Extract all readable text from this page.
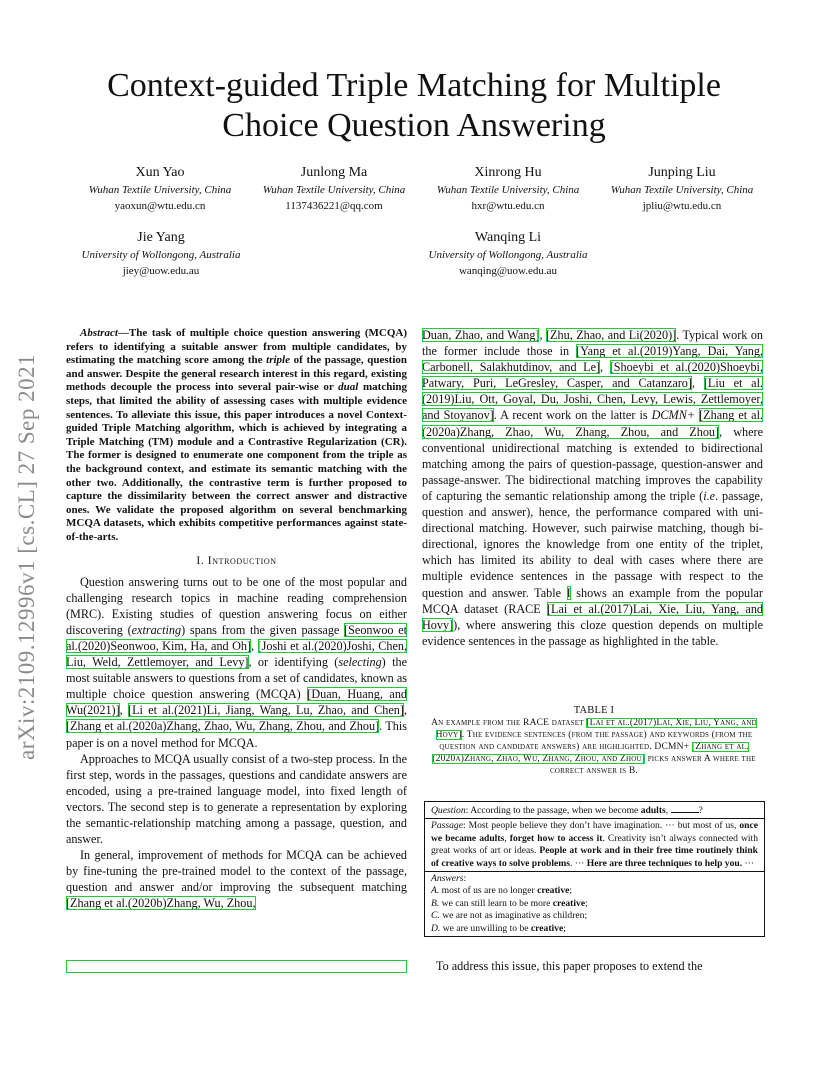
arXiv:2109.12996v1 [cs.CL] 27 Sep 2021
Context-guided Triple Matching for Multiple
Choice Question Answering
Xun Yao
Wuhan Textile University, China
yaoxun@wtu.edu.cn
Junlong Ma
Wuhan Textile University, China
1137436221@qq.com
Xinrong Hu
Wuhan Textile University, China
hxr@wtu.edu.cn
Junping Liu
Wuhan Textile University, China
jpliu@wtu.edu.cn
Jie Yang
University of Wollongong, Australia
jiey@uow.edu.au
Wanqing Li
University of Wollongong, Australia
wanqing@uow.edu.au

Abstract—The task of multiple choice question answering (MCQA) refers to identifying a suitable answer from multiple candidates, by estimating the matching score among the triple of the passage, question and answer. Despite the general research interest in this regard, existing methods decouple the process into several pair-wise or dual matching steps, that limited the ability of assessing cases with multiple evidence sentences. To alleviate this issue, this paper introduces a novel Context-guided Triple Matching algorithm, which is achieved by integrating a Triple Matching (TM) module and a Contrastive Regularization (CR). The former is designed to enumerate one component from the triple as the background context, and estimate its semantic matching with the other two. Additionally, the contrastive term is further proposed to capture the dissimilarity between the correct answer and distractive ones. We validate the proposed algorithm on several benchmarking MCQA datasets, which exhibits competitive performances against state-of-the-arts.

I. Introduction

Question answering turns out to be one of the most popular and challenging research topics in machine reading comprehension (MRC). Existing studies of question answering focus on either discovering (extracting) spans from the given passage [Seonwoo et al.(2020)Seonwoo, Kim, Ha, and Oh], [Joshi et al.(2020)Joshi, Chen, Liu, Weld, Zettlemoyer, and Levy], or identifying (selecting) the most suitable answers to questions from a set of candidates, known as multiple choice question answering (MCQA) [Duan, Huang, and Wu(2021)], [Li et al.(2021)Li, Jiang, Wang, Lu, Zhao, and Chen], [Zhang et al.(2020a)Zhang, Zhao, Wu, Zhang, Zhou, and Zhou]. This paper is on a novel method for MCQA.

Approaches to MCQA usually consist of a two-step process. In the first step, words in the passages, questions and candidate answers are encoded, using a pre-trained language model, into fixed length of vectors. The second step is to generate a representation by exploring the semantic-relationship matching among a passage, question, and answer.

In general, improvement of methods for MCQA can be achieved by fine-tuning the pre-trained model to the context of the passage, question and answer and/or improving the subsequent matching [Zhang et al.(2020b)Zhang, Wu, Zhou,

Duan, Zhao, and Wang], [Zhu, Zhao, and Li(2020)]. Typical work on the former include those in [Yang et al.(2019)Yang, Dai, Yang, Carbonell, Salakhutdinov, and Le], [Shoeybi et al.(2020)Shoeybi, Patwary, Puri, LeGresley, Casper, and Catanzaro], [Liu et al.(2019)Liu, Ott, Goyal, Du, Joshi, Chen, Levy, Lewis, Zettlemoyer, and Stoyanov]. A recent work on the latter is DCMN+ [Zhang et al.(2020a)Zhang, Zhao, Wu, Zhang, Zhou, and Zhou], where conventional unidirectional matching is extended to bidirectional matching among the pairs of question-passage, question-answer and passage-answer. The bidirectional matching improves the capability of capturing the semantic relationship among the triple (i.e. passage, question and answer), hence, the performance compared with uni-directional matching. However, such pairwise matching, though bi-directional, ignores the knowledge from one entity of the triplet, which has limited its ability to deal with cases where there are multiple evidence sentences in the passage with respect to the question and answer. Table I shows an example from the popular MCQA dataset (RACE [Lai et al.(2017)Lai, Xie, Liu, Yang, and Hovy]), where answering this cloze question depends on multiple evidence sentences in the passage as highlighted in the table.

TABLE I
An example from the RACE dataset [Lai et al.(2017)Lai, Xie, Liu, Yang, and Hovy]. The evidence sentences (from the passage) and keywords (from the question and candidate answers) are highlighted. DCMN+ [Zhang et al.(2020a)Zhang, Zhao, Wu, Zhang, Zhou, and Zhou] picks answer A where the correct answer is B.
Question: According to the passage, when we become adults,	?
Passage: Most people believe they don’t have imagination. ··· but most of us, once we became adults, forget how to access it. Creativity isn’t always connected with great works of art or ideas. People at work and in their free time routinely think of creative ways to solve problems. ··· Here are three techniques to help you. ···
Answers:
A. most of us are no longer creative;
B. we can still learn to be more creative;
C. we are not as imaginative as children;
D. we are unwilling to be creative;

To address this issue, this paper proposes to extend the
